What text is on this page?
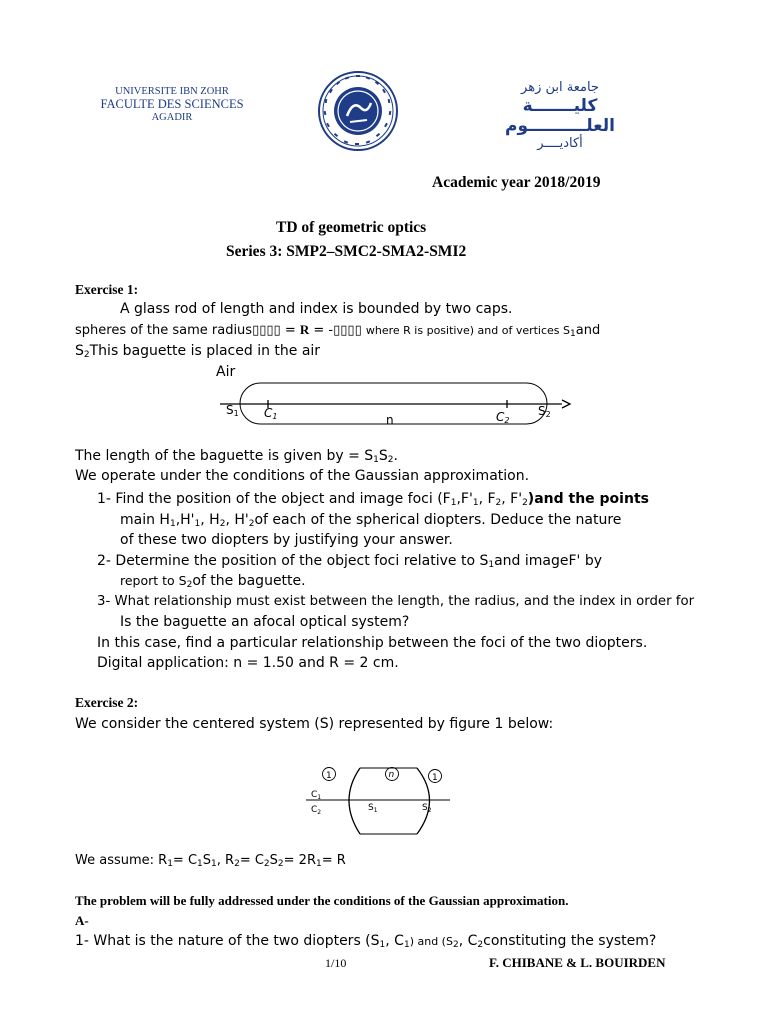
UNIVERSITE IBN ZOHR
FACULTE DES SCIENCES
AGADIR
جامعة ابن زهر
كليـــــــة العلــــــــــوم
أكاديــــر
Academic year 2018/2019
TD of geometric optics
Series 3: SMP2–SMC2-SMA2-SMI2
Exercise 1:
A glass rod of length and index is bounded by two caps.
spheres of the same radius▯▯▯▯ = R = -▯▯▯▯ where R is positive) and of vertices $S_1and$
$S_2This$ baguette is placed in the air
Air
S1 C1	n	C2
S2
The length of the baguette is given by = $S_1S_2$.
We operate under the conditions of the Gaussian approximation.
1- Find the position of the object and image foci ($F_1,F'_1$, $F_2$, $F'_2)and$ the points
main $H_1,H'_1$, $H_2$, $H'_2of$ each of the spherical diopters. Deduce the nature
of these two diopters by justifying your answer.
2- Determine the position of the object foci relative to $S_1and$ imageF' by
report to $S_2of$ the baguette.
3- What relationship must exist between the length, the radius, and the index in order for
Is the baguette an afocal optical system?
In this case, find a particular relationship between the foci of the two diopters.
Digital application: n = 1.50 and R = 2 cm.
Exercise 2:
We consider the centered system (S) represented by figure 1 below:
1	n	1
$C_1$
$C_2$	$S_1$	$S_2$
We assume: $R_1= C_1S_1$, $R_2= C_2S_2= 2R_1= R$
The problem will be fully addressed under the conditions of the Gaussian approximation.
A-
1- What is the nature of the two diopters ($S_1$, $C_1$) and ($S_2$, $C_2constituting$ the system?
1/10	F. CHIBANE & L. BOUIRDEN
